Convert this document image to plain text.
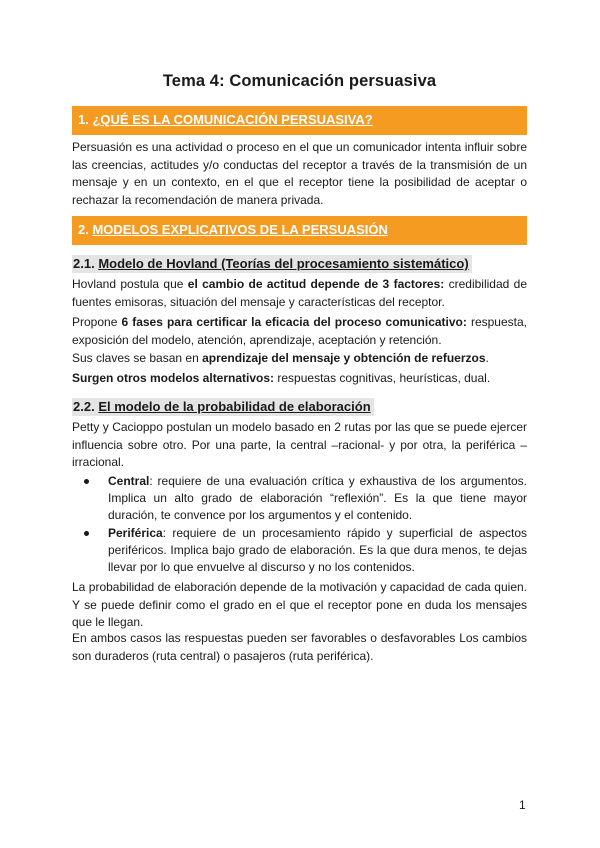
Tema 4: Comunicación persuasiva
1. ¿QUÉ ES LA COMUNICACIÓN PERSUASIVA?

Persuasión es una actividad o proceso en el que un comunicador intenta influir sobre las creencias, actitudes y/o conductas del receptor a través de la transmisión de un mensaje y en un contexto, en el que el receptor tiene la posibilidad de aceptar o rechazar la recomendación de manera privada.

2. MODELOS EXPLICATIVOS DE LA PERSUASIÓN
2.1. Modelo de Hovland (Teorías del procesamiento sistemático)

Hovland postula que el cambio de actitud depende de 3 factores: credibilidad de fuentes emisoras, situación del mensaje y características del receptor.

Propone 6 fases para certificar la eficacia del proceso comunicativo: respuesta, exposición del modelo, atención, aprendizaje, aceptación y retención.

Sus claves se basan en aprendizaje del mensaje y obtención de refuerzos.

Surgen otros modelos alternativos: respuestas cognitivas, heurísticas, dual.

2.2. El modelo de la probabilidad de elaboración

Petty y Cacioppo postulan un modelo basado en 2 rutas por las que se puede ejercer influencia sobre otro. Por una parte, la central –racional- y por otra, la periférica –irracional.

Central: requiere de una evaluación crítica y exhaustiva de los argumentos. Implica un alto grado de elaboración “reflexión”. Es la que tiene mayor duración, te convence por los argumentos y el contenido.
Periférica: requiere de un procesamiento rápido y superficial de aspectos periféricos. Implica bajo grado de elaboración. Es la que dura menos, te dejas llevar por lo que envuelve al discurso y no los contenidos.

La probabilidad de elaboración depende de la motivación y capacidad de cada quien. Y se puede definir como el grado en el que el receptor pone en duda los mensajes que le llegan.

En ambos casos las respuestas pueden ser favorables o desfavorables Los cambios son duraderos (ruta central) o pasajeros (ruta periférica).

1
